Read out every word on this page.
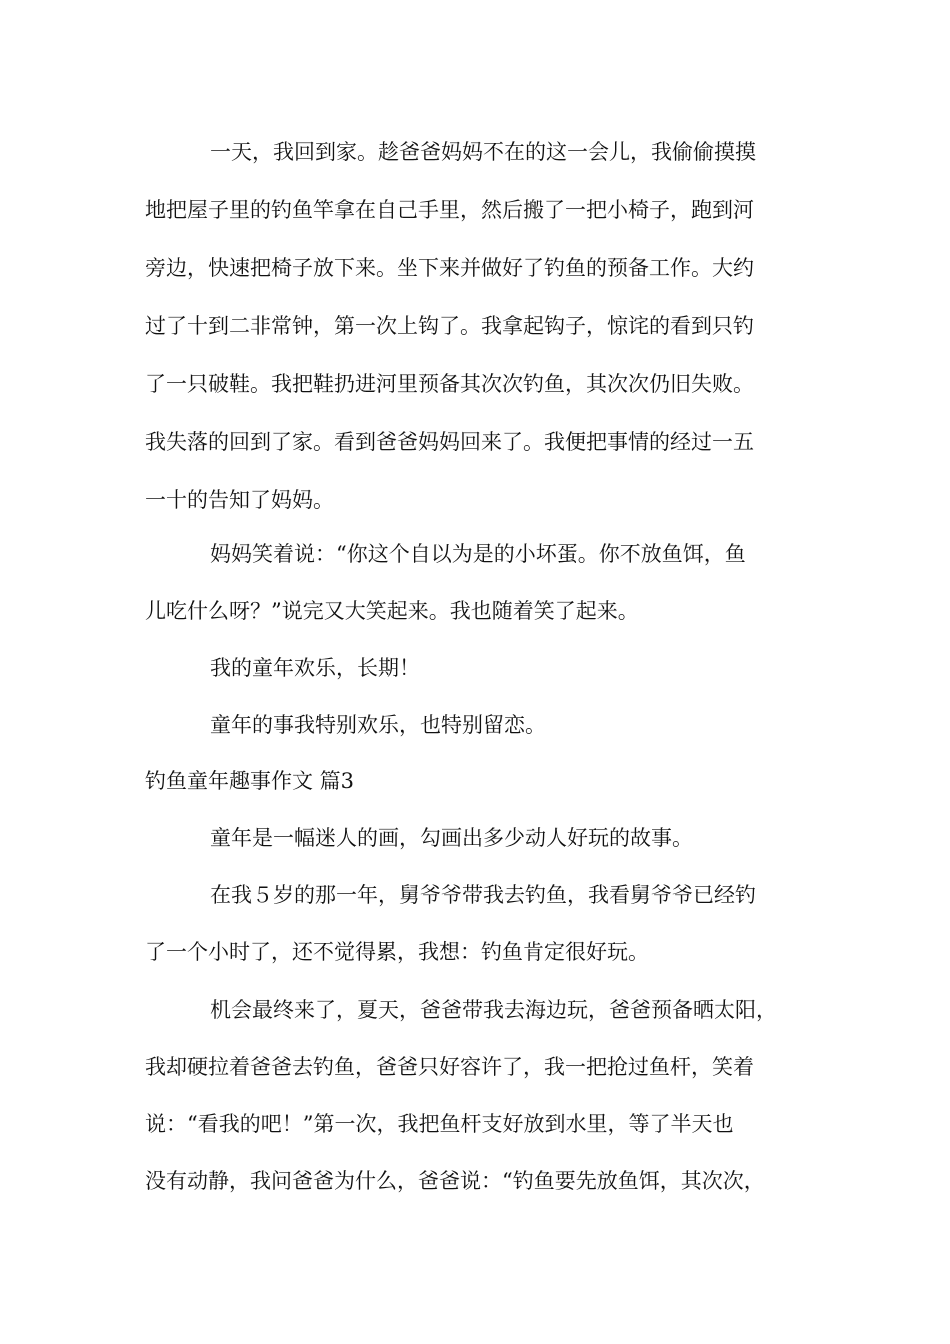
一天，我回到家。趁爸爸妈妈不在的这一会儿，我偷偷摸摸
地把屋子里的钓鱼竿拿在自己手里，然后搬了一把小椅子，跑到河
旁边，快速把椅子放下来。坐下来并做好了钓鱼的预备工作。大约
过了十到二非常钟，第一次上钩了。我拿起钩子，惊诧的看到只钓
了一只破鞋。我把鞋扔进河里预备其次次钓鱼，其次次仍旧失败。
我失落的回到了家。看到爸爸妈妈回来了。我便把事情的经过一五
一十的告知了妈妈。
妈妈笑着说：“你这个自以为是的小坏蛋。你不放鱼饵，鱼
儿吃什么呀？”说完又大笑起来。我也随着笑了起来。
我的童年欢乐，长期！
童年的事我特别欢乐，也特别留恋。
钓鱼童年趣事作文 篇3
童年是一幅迷人的画，勾画出多少动人好玩的故事。
在我５岁的那一年，舅爷爷带我去钓鱼，我看舅爷爷已经钓
了一个小时了，还不觉得累，我想：钓鱼肯定很好玩。
机会最终来了，夏天，爸爸带我去海边玩，爸爸预备晒太阳，
我却硬拉着爸爸去钓鱼，爸爸只好容许了，我一把抢过鱼杆，笑着
说：“看我的吧！”第一次，我把鱼杆支好放到水里，等了半天也
没有动静，我问爸爸为什么，爸爸说：“钓鱼要先放鱼饵，其次次，
